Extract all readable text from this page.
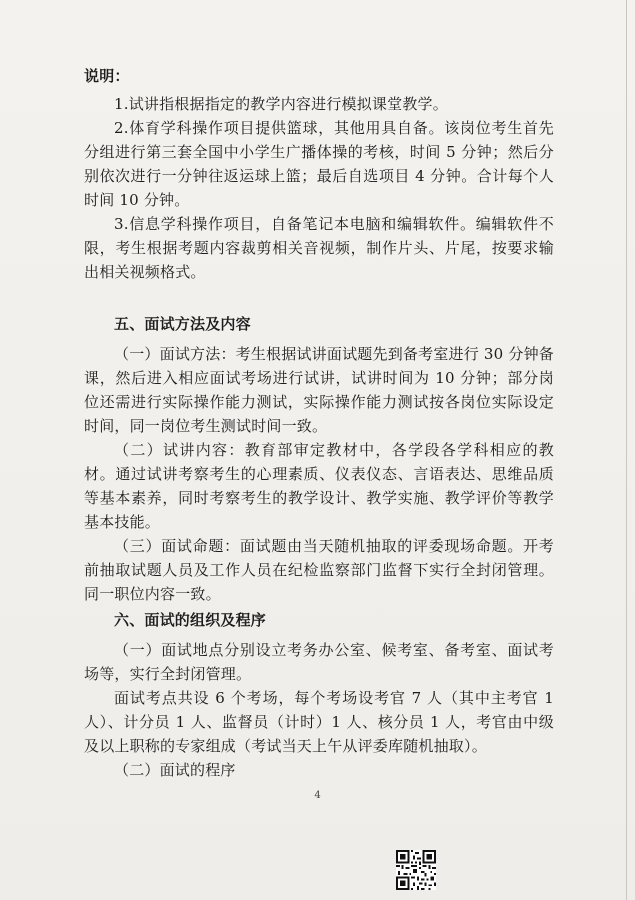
说明：

1.试讲指根据指定的教学内容进行模拟课堂教学。

2.体育学科操作项目提供篮球，其他用具自备。该岗位考生首先分组进行第三套全国中小学生广播体操的考核，时间 5 分钟；然后分别依次进行一分钟往返运球上篮；最后自选项目 4 分钟。合计每个人时间 10 分钟。

3.信息学科操作项目，自备笔记本电脑和编辑软件。编辑软件不限，考生根据考题内容裁剪相关音视频，制作片头、片尾，按要求输出相关视频格式。

五、面试方法及内容

（一）面试方法：考生根据试讲面试题先到备考室进行 30 分钟备课，然后进入相应面试考场进行试讲，试讲时间为 10 分钟；部分岗位还需进行实际操作能力测试，实际操作能力测试按各岗位实际设定时间，同一岗位考生测试时间一致。

（二）试讲内容：教育部审定教材中，各学段各学科相应的教材。通过试讲考察考生的心理素质、仪表仪态、言语表达、思维品质等基本素养，同时考察考生的教学设计、教学实施、教学评价等教学基本技能。

（三）面试命题：面试题由当天随机抽取的评委现场命题。开考前抽取试题人员及工作人员在纪检监察部门监督下实行全封闭管理。同一职位内容一致。

六、面试的组织及程序

（一）面试地点分别设立考务办公室、候考室、备考室、面试考场等，实行全封闭管理。

面试考点共设 6 个考场，每个考场设考官 7 人（其中主考官 1 人）、计分员 1 人、监督员（计时）1 人、核分员 1 人，考官由中级及以上职称的专家组成（考试当天上午从评委库随机抽取）。

（二）面试的程序

4
